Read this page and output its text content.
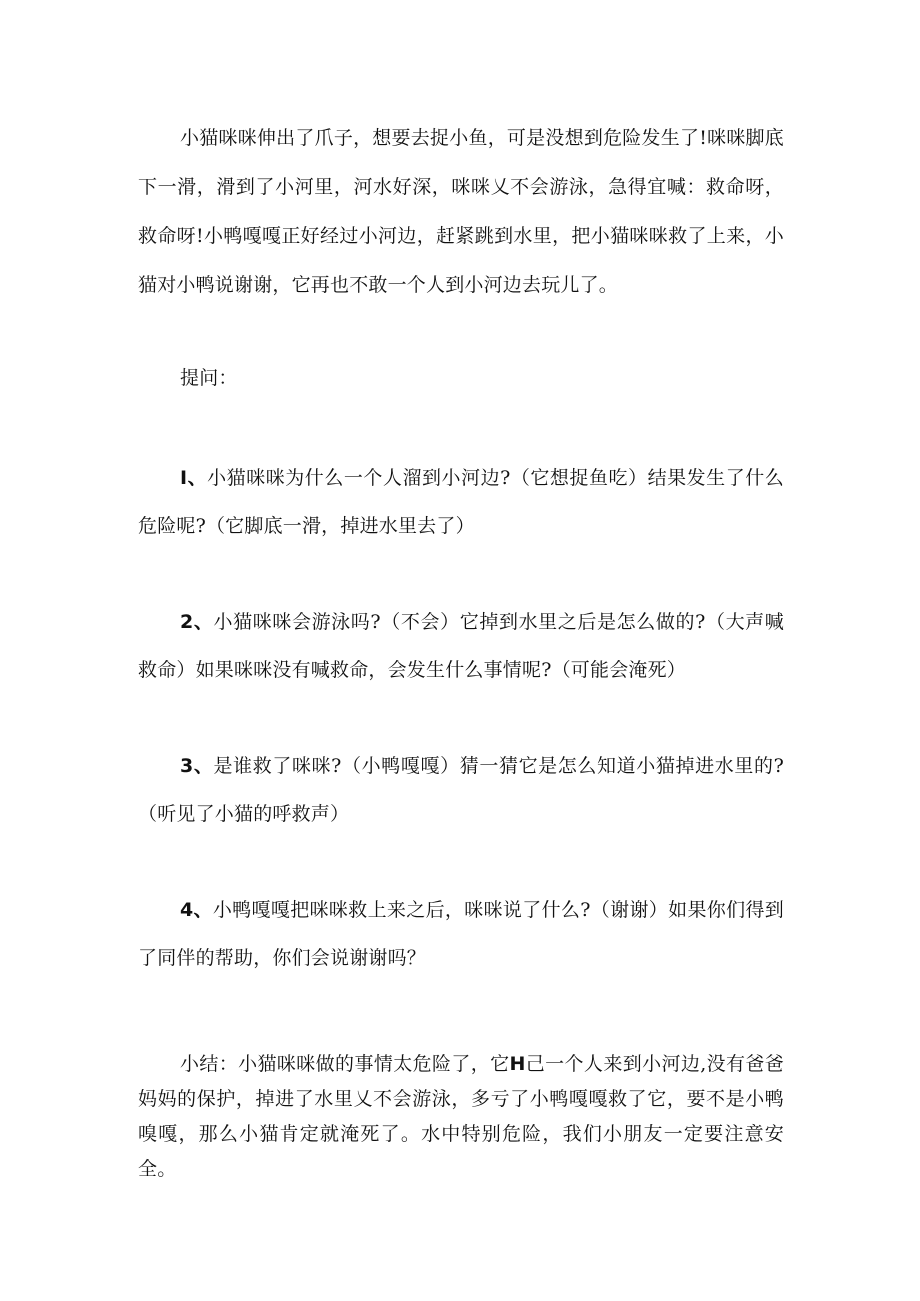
小猫咪咪伸出了爪子，想要去捉小鱼，可是没想到危险发生了!咪咪脚底下一滑，滑到了小河里，河水好深，咪咪乂不会游泳，急得宜喊：救命呀，救命呀!小鸭嘎嘎正好经过小河边，赶紧跳到水里，把小猫咪咪救了上来，小猫对小鸭说谢谢，它再也不敢一个人到小河边去玩儿了。

提问：

I、小猫咪咪为什么一个人溜到小河边?（它想捉鱼吃）结果发生了什么危险呢?（它脚底一滑，掉进水里去了）

2、小猫咪咪会游泳吗?（不会）它掉到水里之后是怎么做的?（大声喊救命）如果咪咪没有喊救命，会发生什么事情呢?（可能会淹死）

3、是谁救了咪咪?（小鸭嘎嘎）猜一猜它是怎么知道小猫掉进水里的?（听见了小猫的呼救声）

4、小鸭嘎嘎把咪咪救上来之后，咪咪说了什么?（谢谢）如果你们得到了同伴的帮助，你们会说谢谢吗？

小结：小猫咪咪做的事情太危险了，它H己一个人来到小河边,没有爸爸妈妈的保护，掉进了水里乂不会游泳，多亏了小鸭嘎嘎救了它，要不是小鸭嗅嘎，那么小猫肯定就淹死了。水中特别危险，我们小朋友一定要注意安全。
